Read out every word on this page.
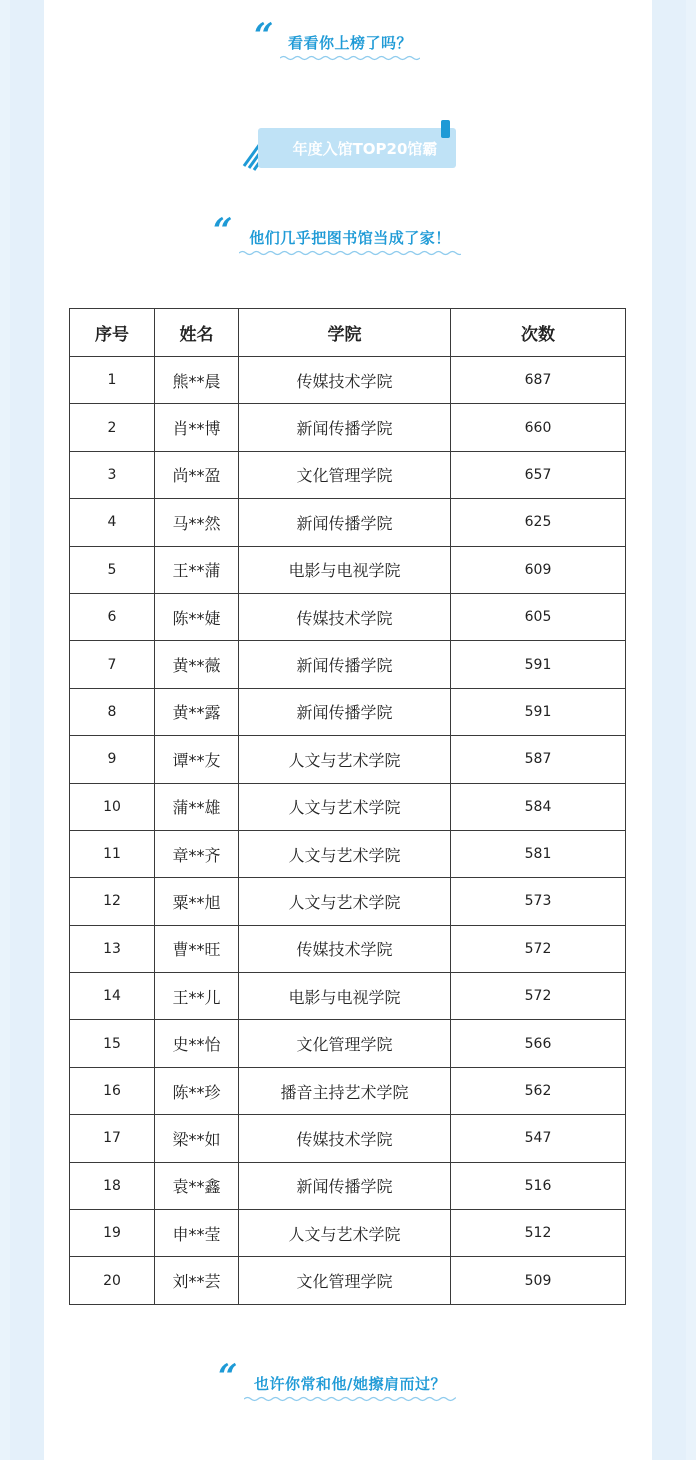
“ 看看你上榜了吗？
年度入馆TOP20馆霸
“ 他们几乎把图书馆当成了家！
序号	姓名	学院	次数
1	熊**晨	传媒技术学院	687
2	肖**博	新闻传播学院	660
3	尚**盈	文化管理学院	657
4	马**然	新闻传播学院	625
5	王**蒲	电影与电视学院	609
6	陈**婕	传媒技术学院	605
7	黄**薇	新闻传播学院	591
8	黄**露	新闻传播学院	591
9	谭**友	人文与艺术学院	587
10	蒲**雄	人文与艺术学院	584
11	章**齐	人文与艺术学院	581
12	粟**旭	人文与艺术学院	573
13	曹**旺	传媒技术学院	572
14	王**儿	电影与电视学院	572
15	史**怡	文化管理学院	566
16	陈**珍	播音主持艺术学院	562
17	梁**如	传媒技术学院	547
18	袁**鑫	新闻传播学院	516
19	申**莹	人文与艺术学院	512
20	刘**芸	文化管理学院	509
“ 也许你常和他/她擦肩而过？
